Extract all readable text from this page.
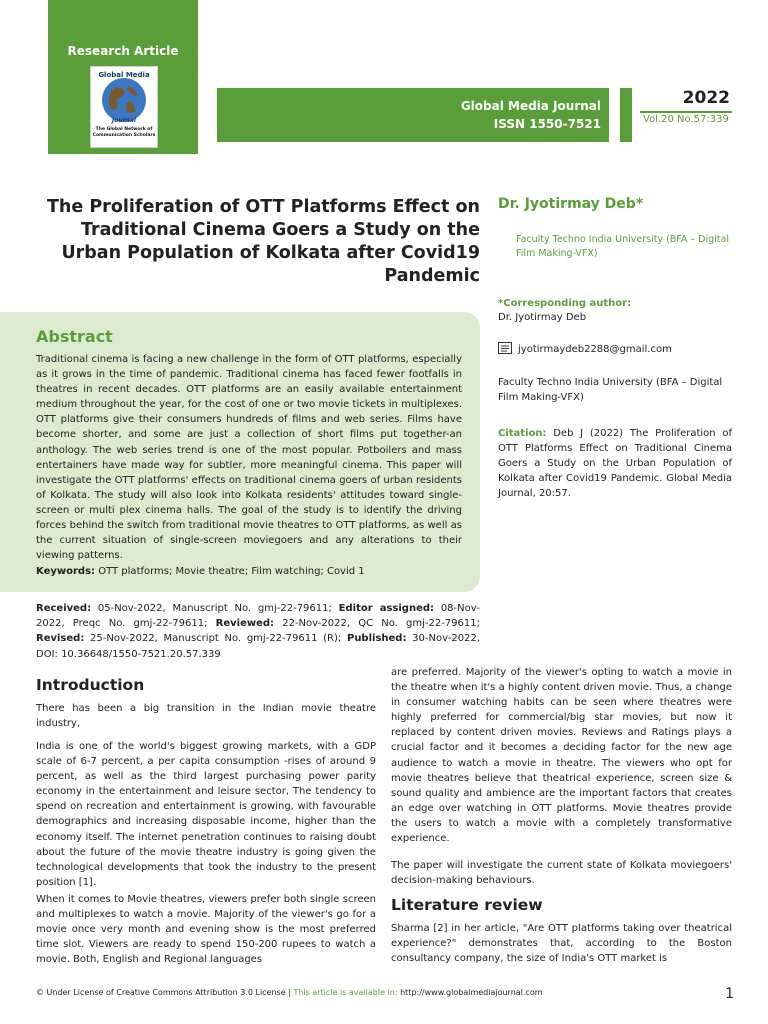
Research Article
Global Media
Journal
The Global Network of Communication Scholars
Global Media Journal
ISSN 1550-7521
2022
Vol.20 No.57:339
The Proliferation of OTT Platforms Effect on Traditional Cinema Goers a Study on the Urban Population of Kolkata after Covid19 Pandemic
Dr. Jyotirmay Deb*
Faculty Techno India University (BFA – Digital Film Making-VFX)
*Corresponding author:
Dr. Jyotirmay Deb
jyotirmaydeb2288@gmail.com
Faculty Techno India University (BFA – Digital Film Making-VFX)
Citation: Deb J (2022) The Proliferation of OTT Platforms Effect on Traditional Cinema Goers a Study on the Urban Population of Kolkata after Covid19 Pandemic. Global Media Journal, 20:57.
Abstract
Traditional cinema is facing a new challenge in the form of OTT platforms, especially as it grows in the time of pandemic. Traditional cinema has faced fewer footfalls in theatres in recent decades. OTT platforms are an easily available entertainment medium throughout the year, for the cost of one or two movie tickets in multiplexes. OTT platforms give their consumers hundreds of films and web series. Films have become shorter, and some are just a collection of short films put together-an anthology. The web series trend is one of the most popular. Potboilers and mass entertainers have made way for subtler, more meaningful cinema. This paper will investigate the OTT platforms' effects on traditional cinema goers of urban residents of Kolkata. The study will also look into Kolkata residents' attitudes toward single-screen or multi plex cinema halls. The goal of the study is to identify the driving forces behind the switch from traditional movie theatres to OTT platforms, as well as the current situation of single-screen moviegoers and any alterations to their viewing patterns.
Keywords: OTT platforms; Movie theatre; Film watching; Covid 1
Received: 05-Nov-2022, Manuscript No. gmj-22-79611; Editor assigned: 08-Nov-2022, Preqc No. gmj-22-79611; Reviewed: 22-Nov-2022, QC No. gmj-22-79611; Revised: 25-Nov-2022, Manuscript No. gmj-22-79611 (R); Published: 30-Nov-2022, DOI: 10.36648/1550-7521.20.57.339
Introduction
There has been a big transition in the Indian movie theatre industry,
India is one of the world's biggest growing markets, with a GDP scale of 6-7 percent, a per capita consumption -rises of around 9 percent, as well as the third largest purchasing power parity economy in the entertainment and leisure sector, The tendency to spend on recreation and entertainment is growing, with favourable demographics and increasing disposable income, higher than the economy itself. The internet penetration continues to raising doubt about the future of the movie theatre industry is going given the technological developments that took the industry to the present position [1].
When it comes to Movie theatres, viewers prefer both single screen and multiplexes to watch a movie. Majority of the viewer's go for a movie once very month and evening show is the most preferred time slot. Viewers are ready to spend 150-200 rupees to watch a movie. Both, English and Regional languages
are preferred. Majority of the viewer's opting to watch a movie in the theatre when it's a highly content driven movie. Thus, a change in consumer watching habits can be seen where theatres were highly preferred for commercial/big star movies, but now it replaced by content driven movies. Reviews and Ratings plays a crucial factor and it becomes a deciding factor for the new age audience to watch a movie in theatre. The viewers who opt for movie theatres believe that theatrical experience, screen size & sound quality and ambience are the important factors that creates an edge over watching in OTT platforms. Movie theatres provide the users to watch a movie with a completely transformative experience.
The paper will investigate the current state of Kolkata moviegoers' decision-making behaviours.
Literature review
Sharma [2] in her article, "Are OTT platforms taking over theatrical experience?" demonstrates that, according to the Boston consultancy company, the size of India's OTT market is
© Under License of Creative Commons Attribution 3.0 License | This article is available in: http://www.globalmediajournal.com	1
